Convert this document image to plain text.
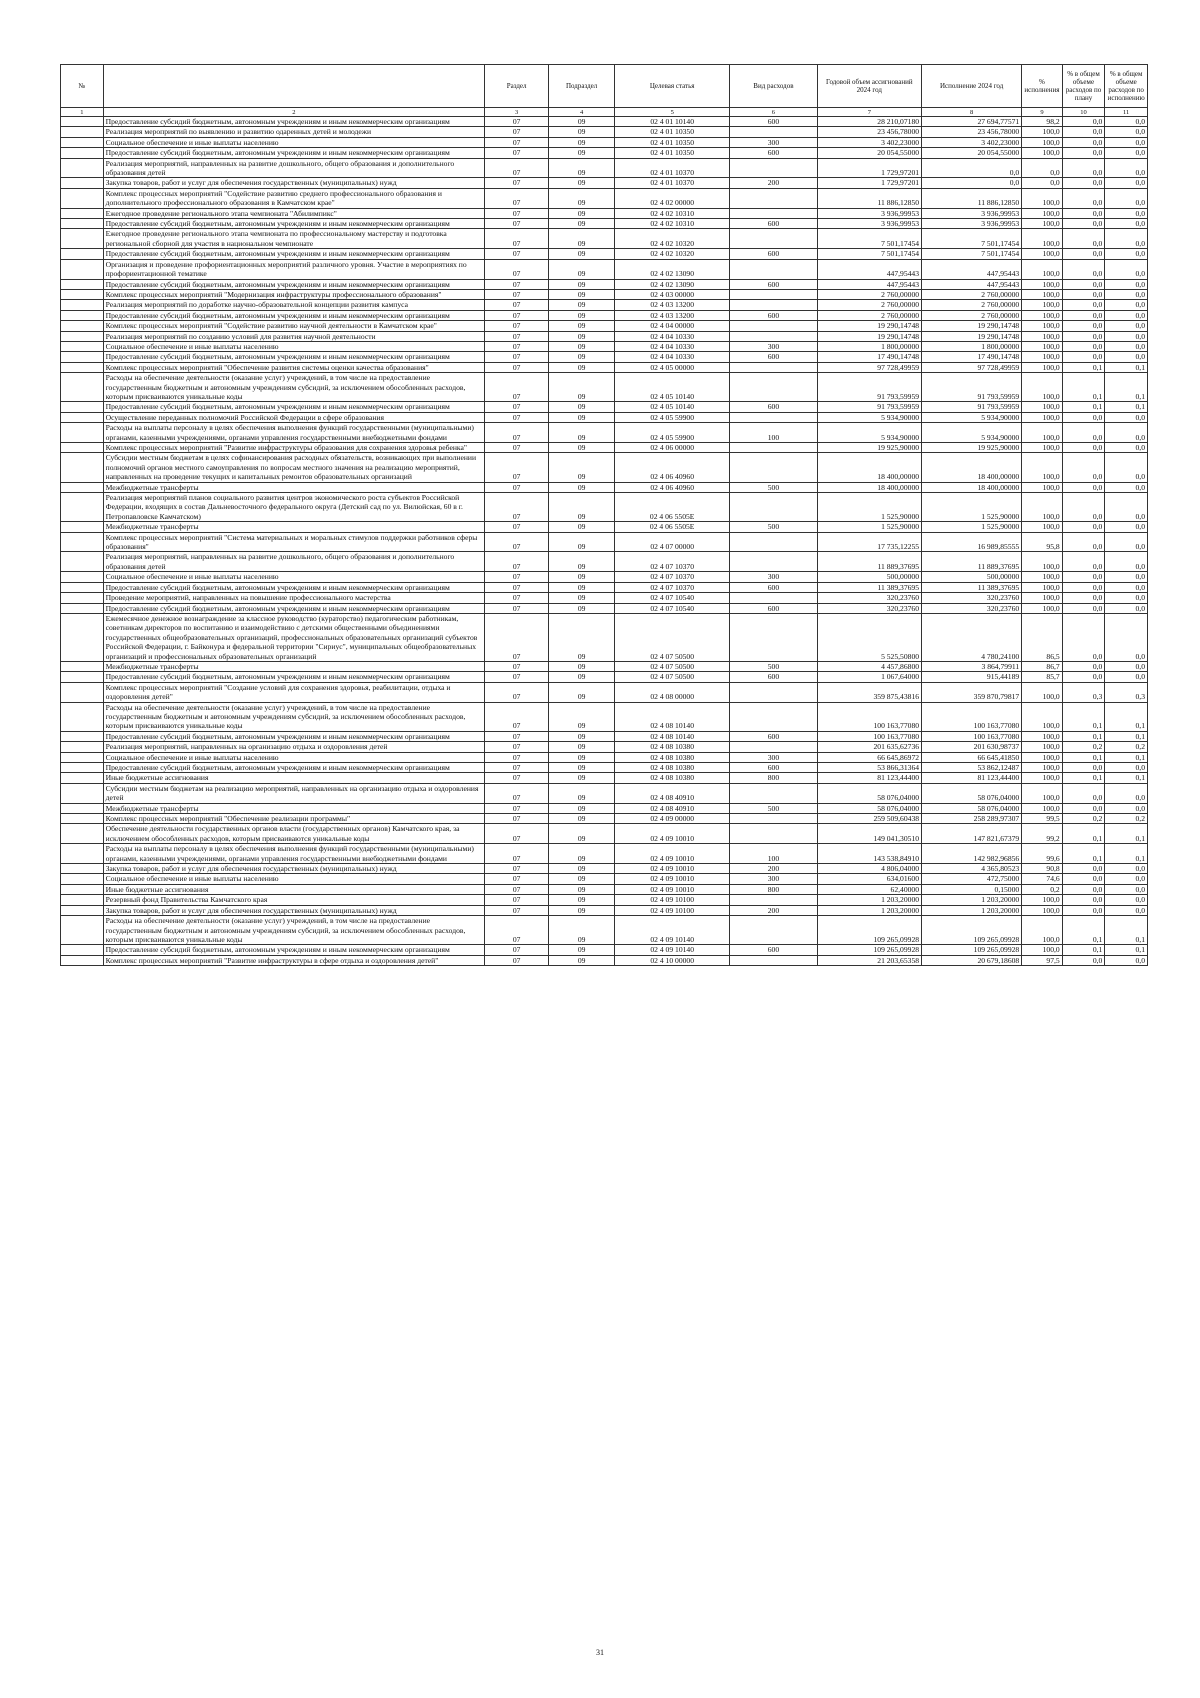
№		Раздел	Подраздел	Целевая статья	Вид расходов	Годовой объем ассигнований 2024 год	Исполнение 2024 год	% исполнения	% в общем объеме расходов по плану	% в общем объеме расходов по исполнению
1	2	3	4	5	6	7	8	9	10	11
	Предоставление субсидий бюджетным, автономным учреждениям и иным некоммерческим организациям	07	09	02 4 01 10140	600	28 210,07180	27 694,77571	98,2	0,0	0,0
	Реализация мероприятий по выявлению и развитию одаренных детей и молодежи	07	09	02 4 01 10350		23 456,78000	23 456,78000	100,0	0,0	0,0
	Социальное обеспечение и иные выплаты населению	07	09	02 4 01 10350	300	3 402,23000	3 402,23000	100,0	0,0	0,0
	Предоставление субсидий бюджетным, автономным учреждениям и иным некоммерческим организациям	07	09	02 4 01 10350	600	20 054,55000	20 054,55000	100,0	0,0	0,0
	Реализация мероприятий, направленных на развитие дошкольного, общего образования и дополнительного образования детей	07	09	02 4 01 10370		1 729,97201	0,0	0,0	0,0	0,0
	Закупка товаров, работ и услуг для обеспечения государственных (муниципальных) нужд	07	09	02 4 01 10370	200	1 729,97201	0,0	0,0	0,0	0,0
	Комплекс процессных мероприятий "Содействие развитию среднего профессионального образования и дополнительного профессионального образования в Камчатском крае"	07	09	02 4 02 00000		11 886,12850	11 886,12850	100,0	0,0	0,0
	Ежегодное проведение регионального этапа чемпионата "Абилимпикс"	07	09	02 4 02 10310		3 936,99953	3 936,99953	100,0	0,0	0,0
	Предоставление субсидий бюджетным, автономным учреждениям и иным некоммерческим организациям	07	09	02 4 02 10310	600	3 936,99953	3 936,99953	100,0	0,0	0,0
	Ежегодное проведение регионального этапа чемпионата по профессиональному мастерству и подготовка региональной сборной для участия в национальном чемпионате	07	09	02 4 02 10320		7 501,17454	7 501,17454	100,0	0,0	0,0
	Предоставление субсидий бюджетным, автономным учреждениям и иным некоммерческим организациям	07	09	02 4 02 10320	600	7 501,17454	7 501,17454	100,0	0,0	0,0
	Организация и проведение профориентационных мероприятий различного уровня. Участие в мероприятиях по профориентационной тематике	07	09	02 4 02 13090		447,95443	447,95443	100,0	0,0	0,0
	Предоставление субсидий бюджетным, автономным учреждениям и иным некоммерческим организациям	07	09	02 4 02 13090	600	447,95443	447,95443	100,0	0,0	0,0
	Комплекс процессных мероприятий "Модернизация инфраструктуры профессионального образования"	07	09	02 4 03 00000		2 760,00000	2 760,00000	100,0	0,0	0,0
	Реализация мероприятий по доработке научно-образовательной концепции развития кампуса	07	09	02 4 03 13200		2 760,00000	2 760,00000	100,0	0,0	0,0
	Предоставление субсидий бюджетным, автономным учреждениям и иным некоммерческим организациям	07	09	02 4 03 13200	600	2 760,00000	2 760,00000	100,0	0,0	0,0
	Комплекс процессных мероприятий "Содействие развитию научной деятельности в Камчатском крае"	07	09	02 4 04 00000		19 290,14748	19 290,14748	100,0	0,0	0,0
	Реализация мероприятий по созданию условий для развития научной деятельности	07	09	02 4 04 10330		19 290,14748	19 290,14748	100,0	0,0	0,0
	Социальное обеспечение и иные выплаты населению	07	09	02 4 04 10330	300	1 800,00000	1 800,00000	100,0	0,0	0,0
	Предоставление субсидий бюджетным, автономным учреждениям и иным некоммерческим организациям	07	09	02 4 04 10330	600	17 490,14748	17 490,14748	100,0	0,0	0,0
	Комплекс процессных мероприятий "Обеспечение развития системы оценки качества образования"	07	09	02 4 05 00000		97 728,49959	97 728,49959	100,0	0,1	0,1
	Расходы на обеспечение деятельности (оказание услуг) учреждений, в том числе на предоставление государственным бюджетным и автономным учреждениям субсидий, за исключением обособленных расходов, которым присваиваются уникальные коды	07	09	02 4 05 10140		91 793,59959	91 793,59959	100,0	0,1	0,1
	Предоставление субсидий бюджетным, автономным учреждениям и иным некоммерческим организациям	07	09	02 4 05 10140	600	91 793,59959	91 793,59959	100,0	0,1	0,1
	Осуществление переданных полномочий Российской Федерации в сфере образования	07	09	02 4 05 59900		5 934,90000	5 934,90000	100,0	0,0	0,0
	Расходы на выплаты персоналу в целях обеспечения выполнения функций государственными (муниципальными) органами, казенными учреждениями, органами управления государственными внебюджетными фондами	07	09	02 4 05 59900	100	5 934,90000	5 934,90000	100,0	0,0	0,0
	Комплекс процессных мероприятий "Развитие инфраструктуры образования для сохранения здоровья ребенка"	07	09	02 4 06 00000		19 925,90000	19 925,90000	100,0	0,0	0,0
	Субсидии местным бюджетам в целях софинансирования расходных обязательств, возникающих при выполнении полномочий органов местного самоуправления по вопросам местного значения на реализацию мероприятий, направленных на проведение текущих и капитальных ремонтов образовательных организаций	07	09	02 4 06 40960		18 400,00000	18 400,00000	100,0	0,0	0,0
	Межбюджетные трансферты	07	09	02 4 06 40960	500	18 400,00000	18 400,00000	100,0	0,0	0,0
	Реализация мероприятий планов социального развития центров экономического роста субъектов Российской Федерации, входящих в состав Дальневосточного федерального округа (Детский сад по ул. Вилюйская, 60 в г. Петропавловске Камчатском)	07	09	02 4 06 5505Е		1 525,90000	1 525,90000	100,0	0,0	0,0
	Межбюджетные трансферты	07	09	02 4 06 5505Е	500	1 525,90000	1 525,90000	100,0	0,0	0,0
	Комплекс процессных мероприятий "Система материальных и моральных стимулов поддержки работников сферы образования"	07	09	02 4 07 00000		17 735,12255	16 989,85555	95,8	0,0	0,0
	Реализация мероприятий, направленных на развитие дошкольного, общего образования и дополнительного образования детей	07	09	02 4 07 10370		11 889,37695	11 889,37695	100,0	0,0	0,0
	Социальное обеспечение и иные выплаты населению	07	09	02 4 07 10370	300	500,00000	500,00000	100,0	0,0	0,0
	Предоставление субсидий бюджетным, автономным учреждениям и иным некоммерческим организациям	07	09	02 4 07 10370	600	11 389,37695	11 389,37695	100,0	0,0	0,0
	Проведение мероприятий, направленных на повышение профессионального мастерства	07	09	02 4 07 10540		320,23760	320,23760	100,0	0,0	0,0
	Предоставление субсидий бюджетным, автономным учреждениям и иным некоммерческим организациям	07	09	02 4 07 10540	600	320,23760	320,23760	100,0	0,0	0,0
	Ежемесячное денежное вознаграждение за классное руководство (кураторство) педагогическим работникам, советникам директоров по воспитанию и взаимодействию с детскими общественными объединениями государственных общеобразовательных организаций, профессиональных образовательных организаций субъектов Российской Федерации, г. Байконура и федеральной территории "Сириус", муниципальных общеобразовательных организаций и профессиональных образовательных организаций	07	09	02 4 07 50500		5 525,50800	4 780,24100	86,5	0,0	0,0
	Межбюджетные трансферты	07	09	02 4 07 50500	500	4 457,86800	3 864,79911	86,7	0,0	0,0
	Предоставление субсидий бюджетным, автономным учреждениям и иным некоммерческим организациям	07	09	02 4 07 50500	600	1 067,64000	915,44189	85,7	0,0	0,0
	Комплекс процессных мероприятий "Создание условий для сохранения здоровья, реабилитации, отдыха и оздоровления детей"	07	09	02 4 08 00000		359 875,43816	359 870,79817	100,0	0,3	0,3
	Расходы на обеспечение деятельности (оказание услуг) учреждений, в том числе на предоставление государственным бюджетным и автономным учреждениям субсидий, за исключением обособленных расходов, которым присваиваются уникальные коды	07	09	02 4 08 10140		100 163,77080	100 163,77080	100,0	0,1	0,1
	Предоставление субсидий бюджетным, автономным учреждениям и иным некоммерческим организациям	07	09	02 4 08 10140	600	100 163,77080	100 163,77080	100,0	0,1	0,1
	Реализация мероприятий, направленных на организацию отдыха и оздоровления детей	07	09	02 4 08 10380		201 635,62736	201 630,98737	100,0	0,2	0,2
	Социальное обеспечение и иные выплаты населению	07	09	02 4 08 10380	300	66 645,86972	66 645,41850	100,0	0,1	0,1
	Предоставление субсидий бюджетным, автономным учреждениям и иным некоммерческим организациям	07	09	02 4 08 10380	600	53 866,31364	53 862,12487	100,0	0,0	0,0
	Иные бюджетные ассигнования	07	09	02 4 08 10380	800	81 123,44400	81 123,44400	100,0	0,1	0,1
	Субсидии местным бюджетам на реализацию мероприятий, направленных на организацию отдыха и оздоровления детей	07	09	02 4 08 40910		58 076,04000	58 076,04000	100,0	0,0	0,0
	Межбюджетные трансферты	07	09	02 4 08 40910	500	58 076,04000	58 076,04000	100,0	0,0	0,0
	Комплекс процессных мероприятий "Обеспечение реализации программы"	07	09	02 4 09 00000		259 509,60438	258 289,97307	99,5	0,2	0,2
	Обеспечение деятельности государственных органов власти (государственных органов) Камчатского края, за исключением обособленных расходов, которым присваиваются уникальные коды	07	09	02 4 09 10010		149 041,30510	147 821,67379	99,2	0,1	0,1
	Расходы на выплаты персоналу в целях обеспечения выполнения функций государственными (муниципальными) органами, казенными учреждениями, органами управления государственными внебюджетными фондами	07	09	02 4 09 10010	100	143 538,84910	142 982,96856	99,6	0,1	0,1
	Закупка товаров, работ и услуг для обеспечения государственных (муниципальных) нужд	07	09	02 4 09 10010	200	4 806,04000	4 365,80523	90,8	0,0	0,0
	Социальное обеспечение и иные выплаты населению	07	09	02 4 09 10010	300	634,01600	472,75000	74,6	0,0	0,0
	Иные бюджетные ассигнования	07	09	02 4 09 10010	800	62,40000	0,15000	0,2	0,0	0,0
	Резервный фонд Правительства Камчатского края	07	09	02 4 09 10100		1 203,20000	1 203,20000	100,0	0,0	0,0
	Закупка товаров, работ и услуг для обеспечения государственных (муниципальных) нужд	07	09	02 4 09 10100	200	1 203,20000	1 203,20000	100,0	0,0	0,0
	Расходы на обеспечение деятельности (оказание услуг) учреждений, в том числе на предоставление государственным бюджетным и автономным учреждениям субсидий, за исключением обособленных расходов, которым присваиваются уникальные коды	07	09	02 4 09 10140		109 265,09928	109 265,09928	100,0	0,1	0,1
	Предоставление субсидий бюджетным, автономным учреждениям и иным некоммерческим организациям	07	09	02 4 09 10140	600	109 265,09928	109 265,09928	100,0	0,1	0,1
	Комплекс процессных мероприятий "Развитие инфраструктуры в сфере отдыха и оздоровления детей"	07	09	02 4 10 00000		21 203,65358	20 679,18608	97,5	0,0	0,0
31
